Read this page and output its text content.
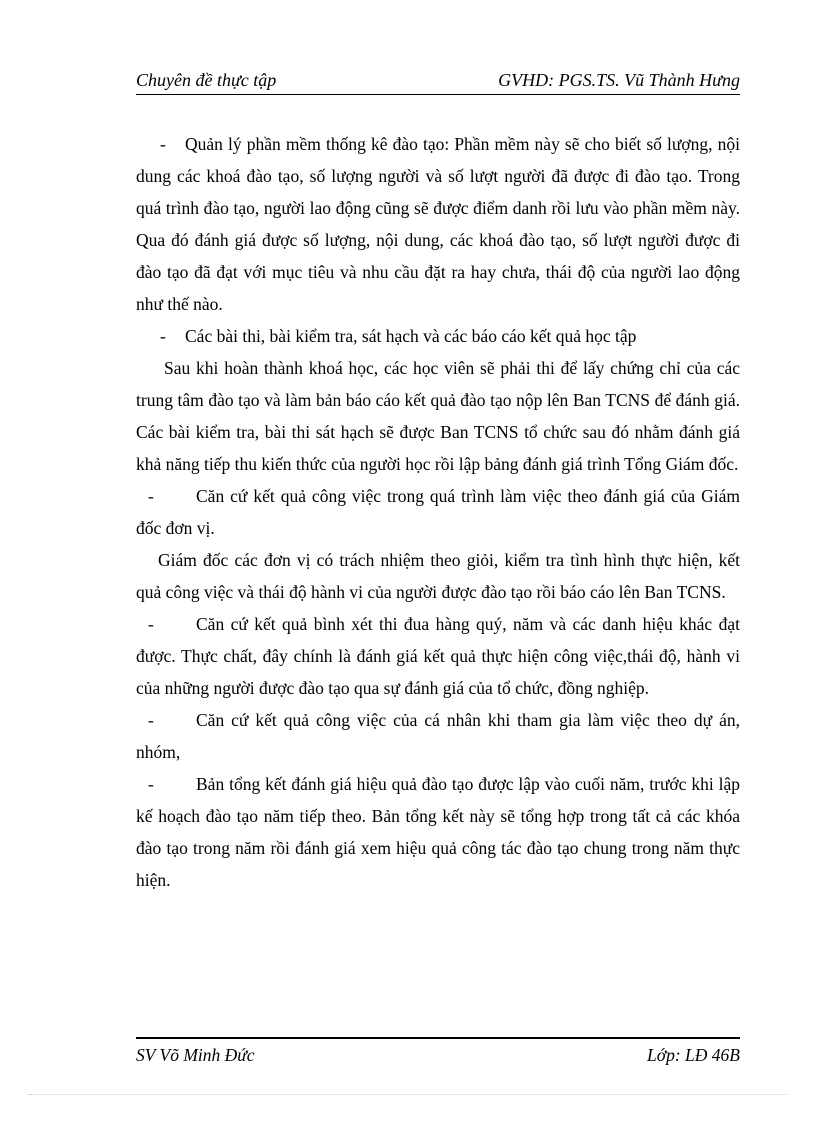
Chuyên đề thực tập	GVHD: PGS.TS. Vũ Thành Hưng

- Quản lý phần mềm thống kê đào tạo: Phần mềm này sẽ cho biết số lượng, nội dung các khoá đào tạo, số lượng người và số lượt người đã được đi đào tạo. Trong quá trình đào tạo, người lao động cũng sẽ được điểm danh rồi lưu vào phần mềm này. Qua đó đánh giá được số lượng, nội dung, các khoá đào tạo, số lượt người được đi đào tạo đã đạt với mục tiêu và nhu cầu đặt ra hay chưa, thái độ của người lao động như thế nào.

- Các bài thi, bài kiểm tra, sát hạch và các báo cáo kết quả học tập

Sau khi hoàn thành khoá học, các học viên sẽ phải thi để lấy chứng chỉ của các trung tâm đào tạo và làm bản báo cáo kết quả đào tạo nộp lên Ban TCNS để đánh giá. Các bài kiểm tra, bài thi sát hạch sẽ được Ban TCNS tổ chức sau đó nhằm đánh giá khả năng tiếp thu kiến thức của người học rồi lập bảng đánh giá trình Tổng Giám đốc.

- Căn cứ kết quả công việc trong quá trình làm việc theo đánh giá của Giám đốc đơn vị.

Giám đốc các đơn vị có trách nhiệm theo giỏi, kiểm tra tình hình thực hiện, kết quả công việc và thái độ hành vi của người được đào tạo rồi báo cáo lên Ban TCNS.

- Căn cứ kết quả bình xét thi đua hàng quý, năm và các danh hiệu khác đạt được. Thực chất, đây chính là đánh giá kết quả thực hiện công việc,thái độ, hành vi của những người được đào tạo qua sự đánh giá của tổ chức, đồng nghiệp.

- Căn cứ kết quả công việc của cá nhân khi tham gia làm việc theo dự án, nhóm,

- Bản tổng kết đánh giá hiệu quả đào tạo được lập vào cuối năm, trước khi lập kế hoạch đào tạo năm tiếp theo. Bản tổng kết này sẽ tổng hợp trong tất cả các khóa đào tạo trong năm rồi đánh giá xem hiệu quả công tác đào tạo chung trong năm thực hiện.

SV Võ Minh Đức	Lớp: LĐ 46B
